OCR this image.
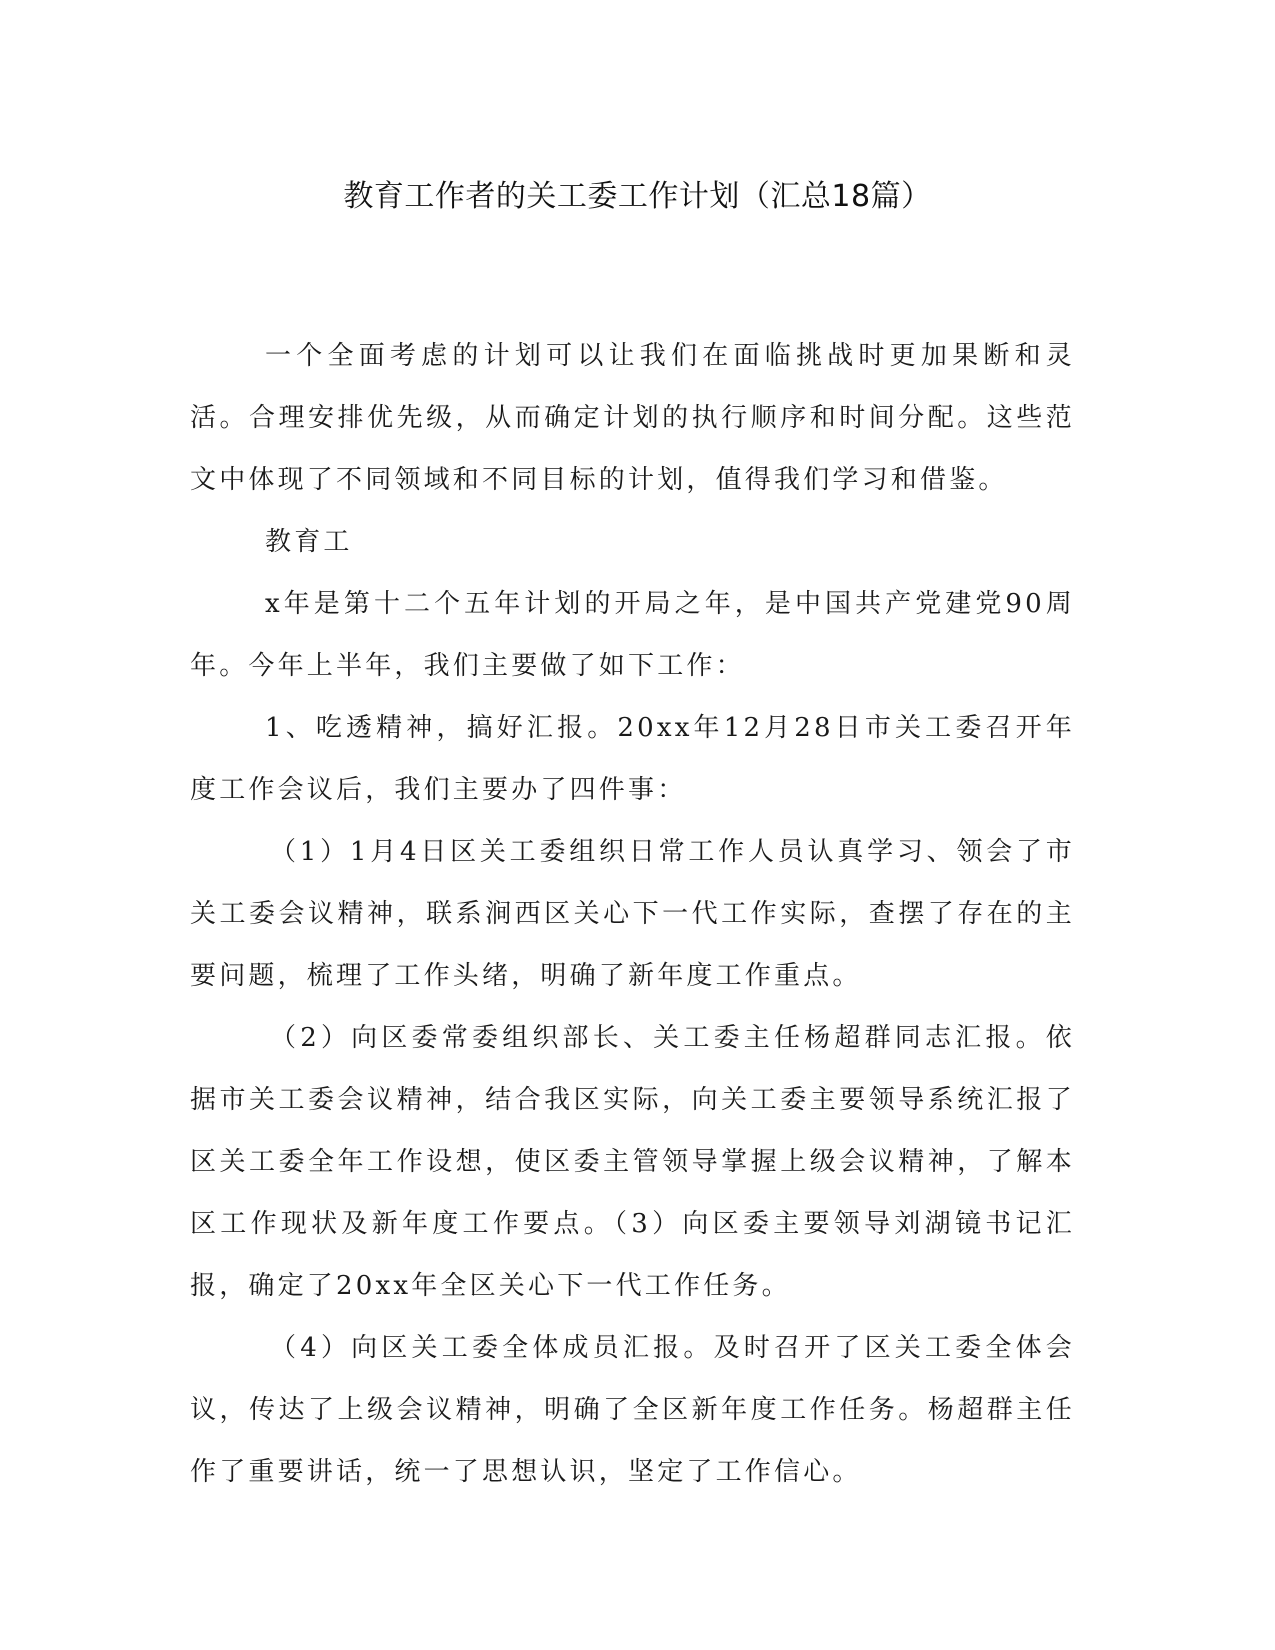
教育工作者的关工委工作计划（汇总18篇）

一个全面考虑的计划可以让我们在面临挑战时更加果断和灵活。合理安排优先级，从而确定计划的执行顺序和时间分配。这些范文中体现了不同领域和不同目标的计划，值得我们学习和借鉴。

教育工

x年是第十二个五年计划的开局之年，是中国共产党建党90周年。今年上半年，我们主要做了如下工作：

1、吃透精神，搞好汇报。20xx年12月28日市关工委召开年度工作会议后，我们主要办了四件事：

（1）1月4日区关工委组织日常工作人员认真学习、领会了市关工委会议精神，联系涧西区关心下一代工作实际，查摆了存在的主要问题，梳理了工作头绪，明确了新年度工作重点。

（2）向区委常委组织部长、关工委主任杨超群同志汇报。依据市关工委会议精神，结合我区实际，向关工委主要领导系统汇报了区关工委全年工作设想，使区委主管领导掌握上级会议精神，了解本区工作现状及新年度工作要点。（3）向区委主要领导刘湖镜书记汇报，确定了20xx年全区关心下一代工作任务。

（4）向区关工委全体成员汇报。及时召开了区关工委全体会议，传达了上级会议精神，明确了全区新年度工作任务。杨超群主任作了重要讲话，统一了思想认识，坚定了工作信心。
